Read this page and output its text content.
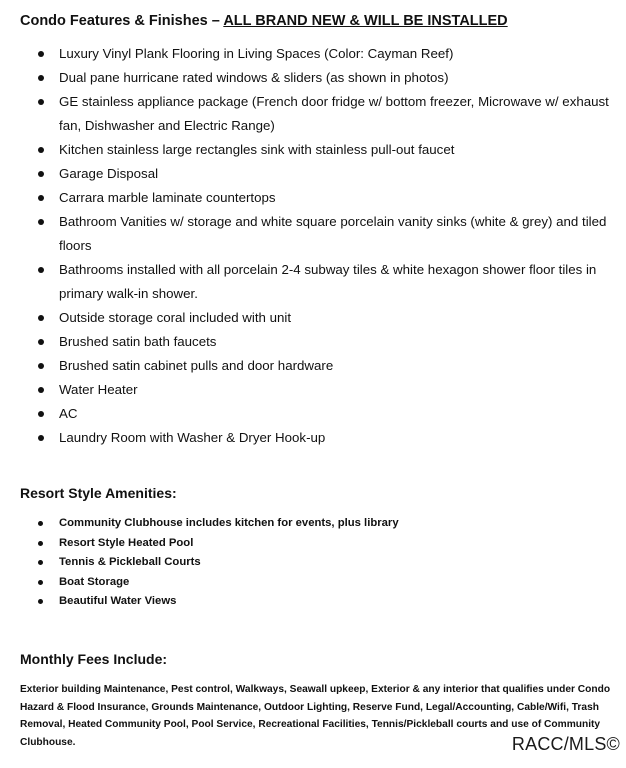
Condo Features & Finishes – ALL BRAND NEW & WILL BE INSTALLED
Luxury Vinyl Plank Flooring in Living Spaces (Color: Cayman Reef)
Dual pane hurricane rated windows & sliders (as shown in photos)
GE stainless appliance package (French door fridge w/ bottom freezer, Microwave w/ exhaust fan, Dishwasher and Electric Range)
Kitchen stainless large rectangles sink with stainless pull-out faucet
Garage Disposal
Carrara marble laminate countertops
Bathroom Vanities w/ storage and white square porcelain vanity sinks (white & grey) and tiled floors
Bathrooms installed with all porcelain 2-4 subway tiles & white hexagon shower floor tiles in primary walk-in shower.
Outside storage coral included with unit
Brushed satin bath faucets
Brushed satin cabinet pulls and door hardware
Water Heater
AC
Laundry Room with Washer & Dryer Hook-up
Resort Style Amenities:
Community Clubhouse includes kitchen for events, plus library
Resort Style Heated Pool
Tennis & Pickleball Courts
Boat Storage
Beautiful Water Views
Monthly Fees Include:

Exterior building Maintenance, Pest control, Walkways, Seawall upkeep, Exterior & any interior that qualifies under Condo Hazard & Flood Insurance, Grounds Maintenance, Outdoor Lighting, Reserve Fund, Legal/Accounting, Cable/Wifi, Trash Removal, Heated Community Pool, Pool Service, Recreational Facilities, Tennis/Pickleball courts and use of Community Clubhouse.	RACC/MLS©
